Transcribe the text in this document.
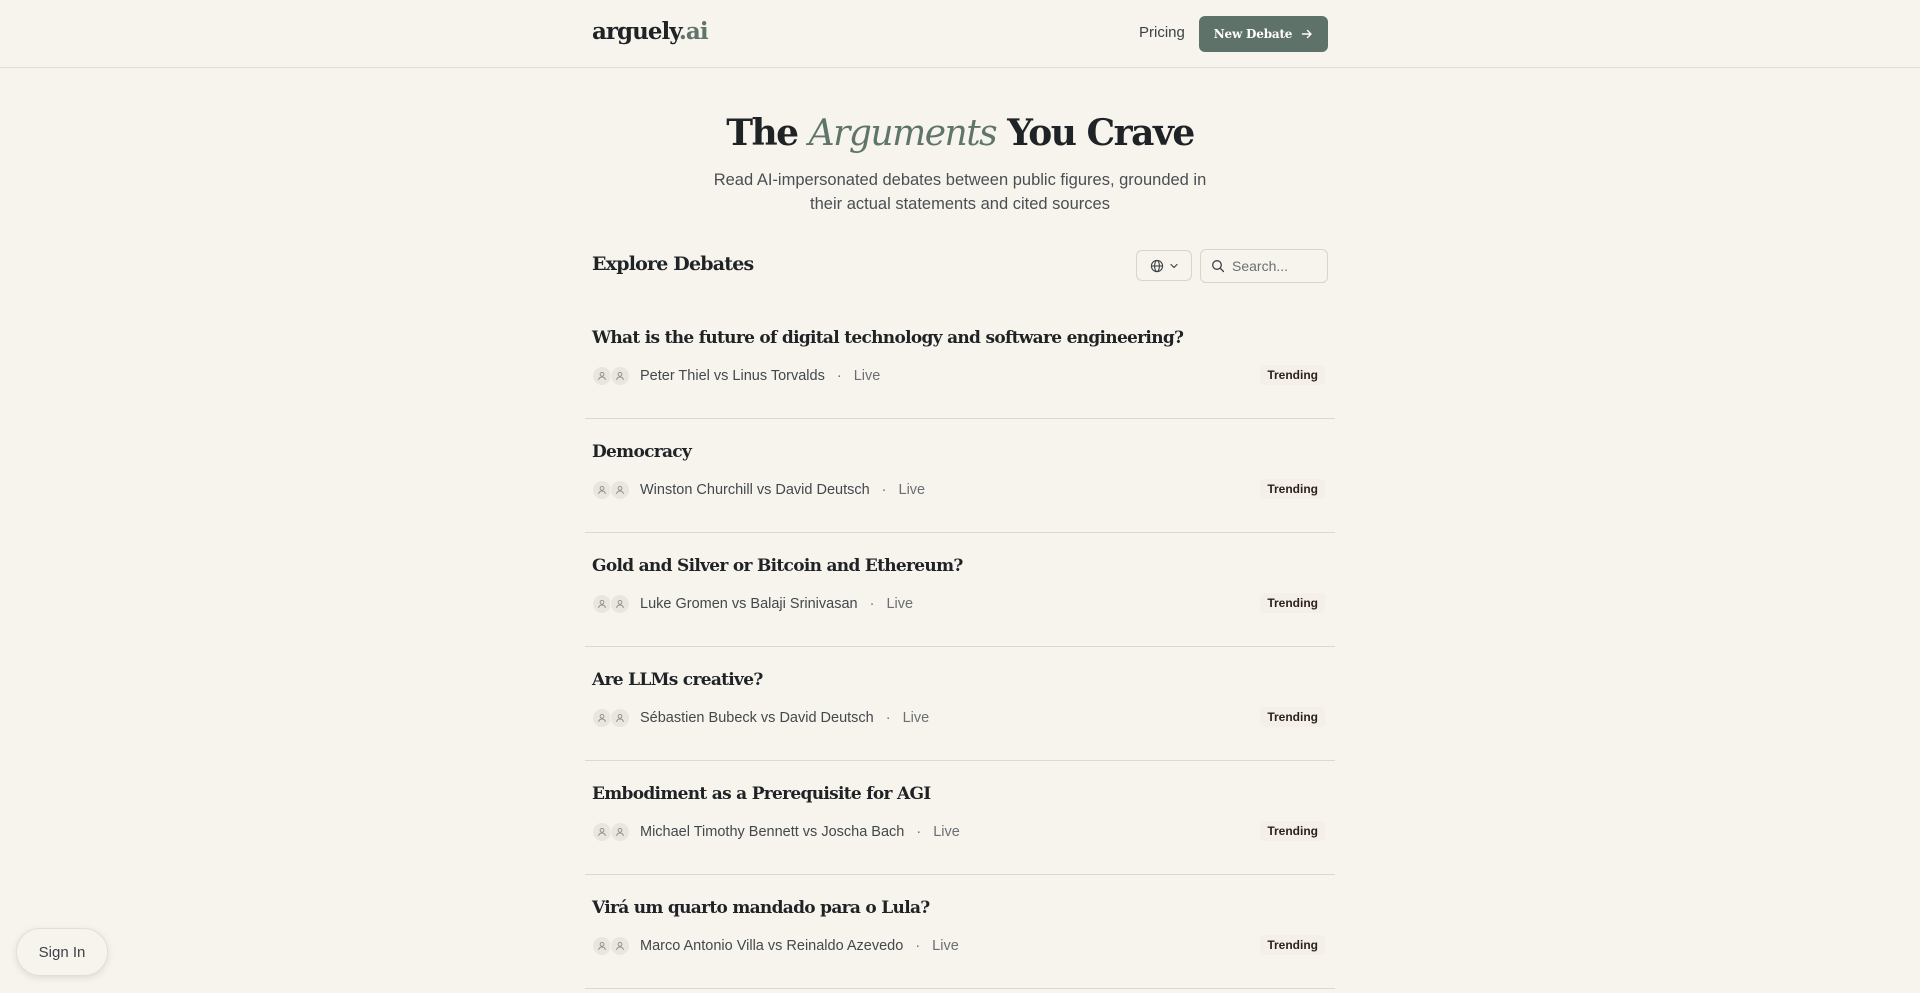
arguely.ai	Pricing New Debate
The Arguments You Crave

Read AI-impersonated debates between public figures, grounded in their actual statements and cited sources

Explore Debates
Search...
What is the future of digital technology and software engineering?
Peter Thiel vs Linus Torvalds · Live	Trending
Democracy
Winston Churchill vs David Deutsch · Live	Trending
Gold and Silver or Bitcoin and Ethereum?
Luke Gromen vs Balaji Srinivasan · Live	Trending
Are LLMs creative?
Sébastien Bubeck vs David Deutsch · Live	Trending
Embodiment as a Prerequisite for AGI
Michael Timothy Bennett vs Joscha Bach · Live	Trending
Virá um quarto mandado para o Lula?
Marco Antonio Villa vs Reinaldo Azevedo · Live	Trending
Sign In
